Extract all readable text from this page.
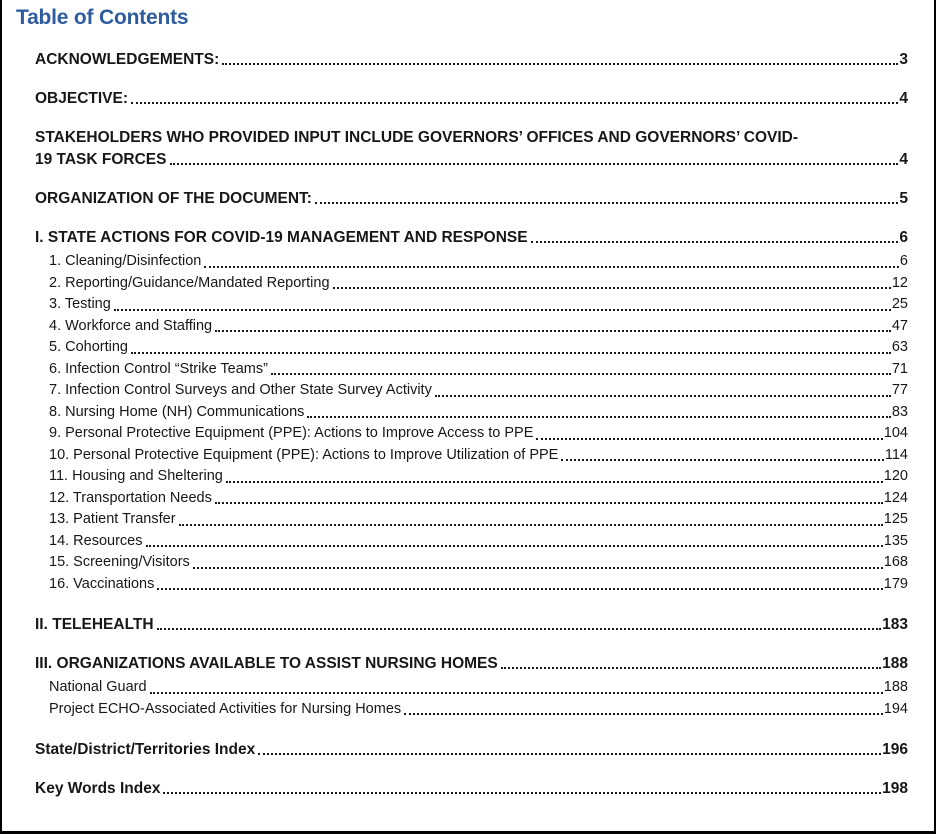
Table of Contents
ACKNOWLEDGEMENTS:	3
OBJECTIVE:	4
STAKEHOLDERS WHO PROVIDED INPUT INCLUDE GOVERNORS’ OFFICES AND GOVERNORS’ COVID-
19 TASK FORCES	4
ORGANIZATION OF THE DOCUMENT:	5
I. STATE ACTIONS FOR COVID-19 MANAGEMENT AND RESPONSE	6
1. Cleaning/Disinfection	6
2. Reporting/Guidance/Mandated Reporting	12
3. Testing	25
4. Workforce and Staffing	47
5. Cohorting	63
6. Infection Control “Strike Teams”	71
7. Infection Control Surveys and Other State Survey Activity	77
8. Nursing Home (NH) Communications	83
9. Personal Protective Equipment (PPE): Actions to Improve Access to PPE	104
10. Personal Protective Equipment (PPE): Actions to Improve Utilization of PPE	114
11. Housing and Sheltering	120
12. Transportation Needs	124
13. Patient Transfer	125
14. Resources	135
15. Screening/Visitors	168
16. Vaccinations	179
II. TELEHEALTH	183
III. ORGANIZATIONS AVAILABLE TO ASSIST NURSING HOMES	188
National Guard	188
Project ECHO-Associated Activities for Nursing Homes	194
State/District/Territories Index	196
Key Words Index	198
